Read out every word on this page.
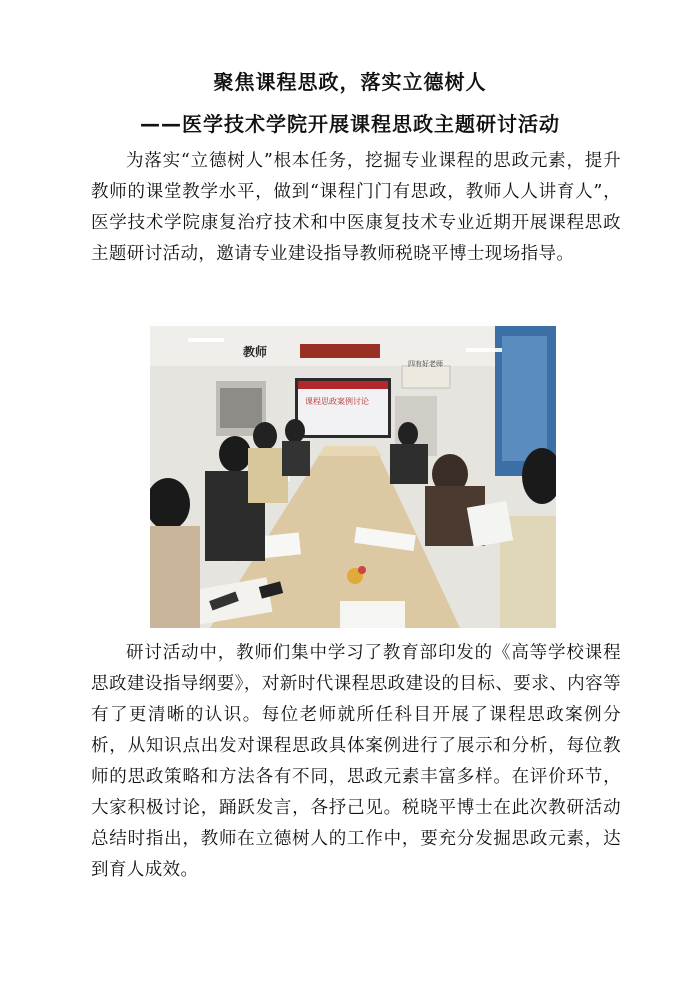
聚焦课程思政，落实立德树人
——医学技术学院开展课程思政主题研讨活动

为落实“立德树人”根本任务，挖掘专业课程的思政元素，提升教师的课堂教学水平，做到“课程门门有思政，教师人人讲育人”，医学技术学院康复治疗技术和中医康复技术专业近期开展课程思政主题研讨活动，邀请专业建设指导教师税晓平博士现场指导。

课程思政案例讨论
教师
四有好老师

研讨活动中，教师们集中学习了教育部印发的《高等学校课程思政建设指导纲要》，对新时代课程思政建设的目标、要求、内容等有了更清晰的认识。每位老师就所任科目开展了课程思政案例分析，从知识点出发对课程思政具体案例进行了展示和分析，每位教师的思政策略和方法各有不同，思政元素丰富多样。在评价环节，大家积极讨论，踊跃发言，各抒己见。税晓平博士在此次教研活动总结时指出，教师在立德树人的工作中，要充分发掘思政元素，达到育人成效。
